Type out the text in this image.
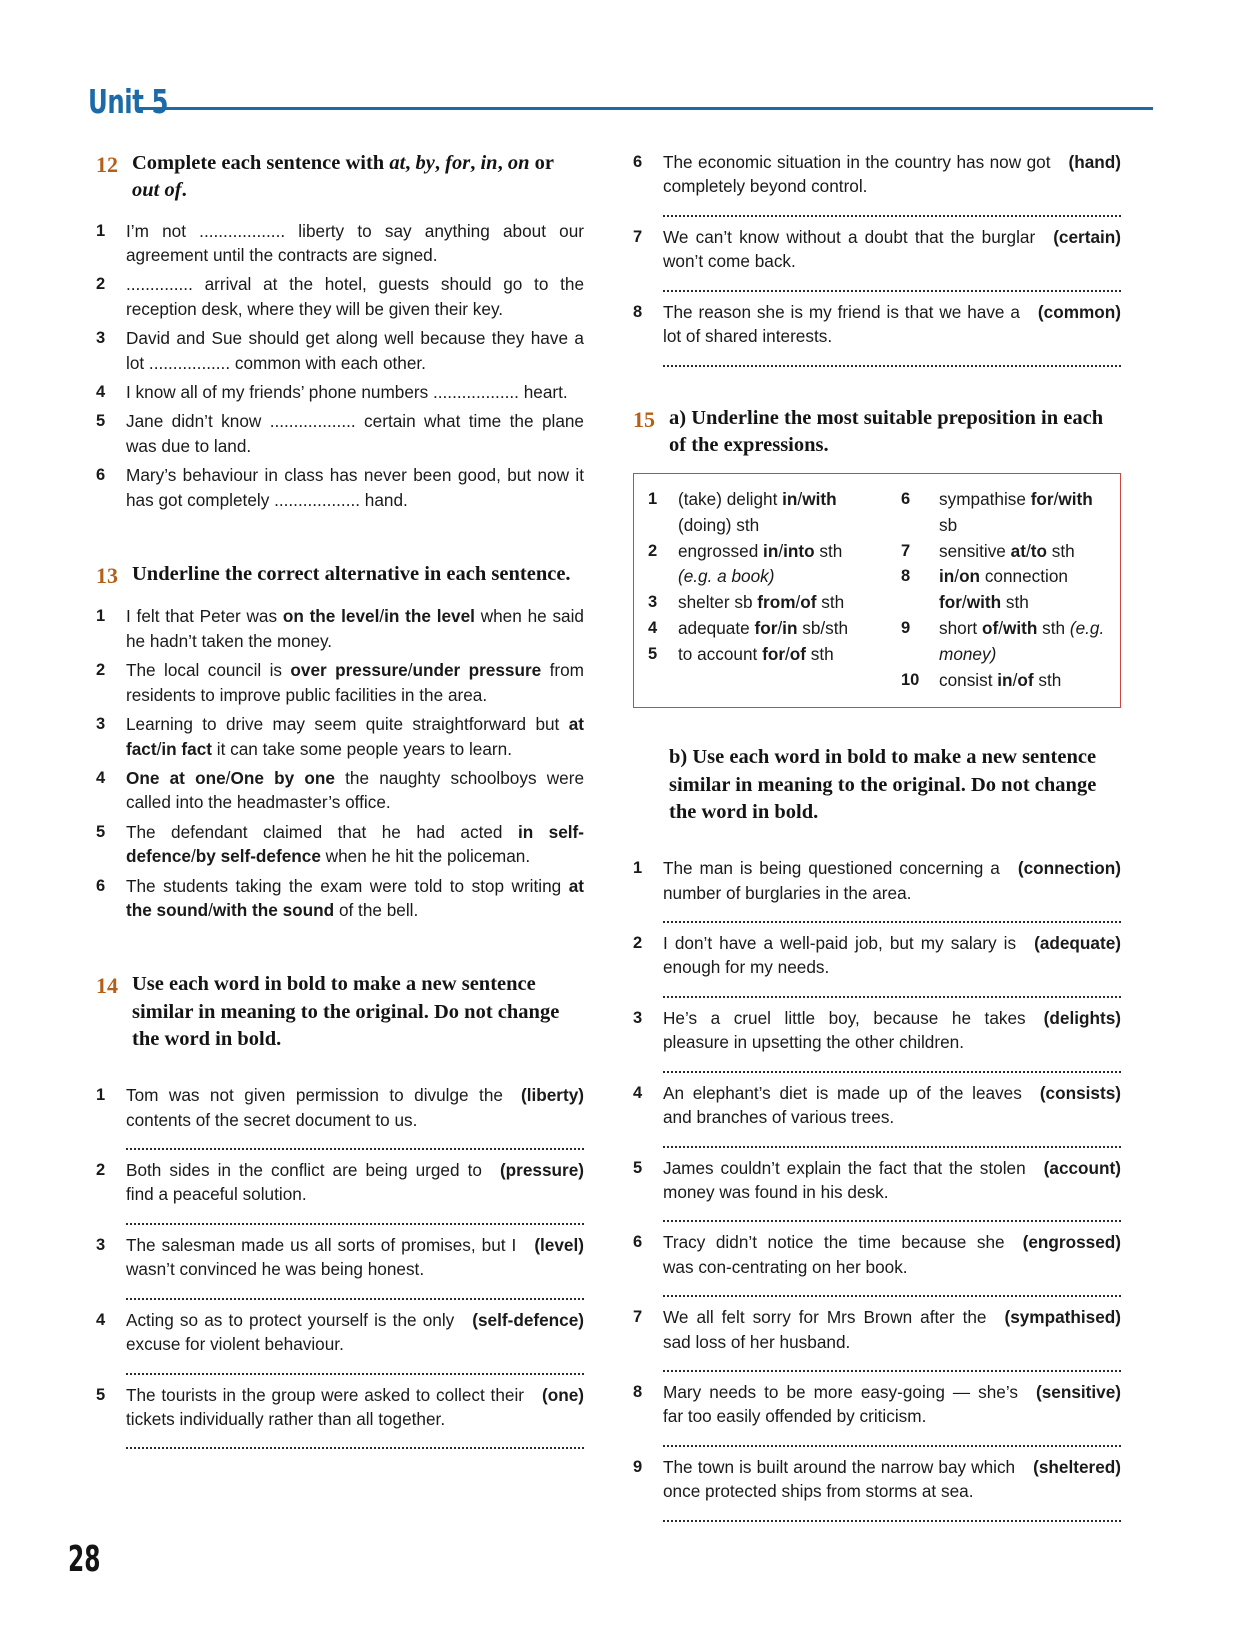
Unit 5
12 Complete each sentence with at, by, for, in, on or out of.
1	I’m not .................. liberty to say anything about our agreement until the contracts are signed.
2	.............. arrival at the hotel, guests should go to the reception desk, where they will be given their key.
3	David and Sue should get along well because they have a lot ................. common with each other.
4	I know all of my friends’ phone numbers .................. heart.
5	Jane didn’t know .................. certain what time the plane was due to land.
6	Mary’s behaviour in class has never been good, but now it has got completely .................. hand.
13 Underline the correct alternative in each sentence.
1	I felt that Peter was on the level/in the level when he said he hadn’t taken the money.
2	The local council is over pressure/under pressure from residents to improve public facilities in the area.
3	Learning to drive may seem quite straightforward but at fact/in fact it can take some people years to learn.
4	One at one/One by one the naughty schoolboys were called into the headmaster’s office.
5	The defendant claimed that he had acted in self-defence/by self-defence when he hit the policeman.
6	The students taking the exam were told to stop writing at the sound/with the sound of the bell.
14 Use each word in bold to make a new sentence similar in meaning to the original. Do not change the word in bold.
1	(liberty)
Tom was not given permission to divulge the contents of the secret document to us.
2	(pressure)
Both sides in the conflict are being urged to find a peaceful solution.
3	(level)
The salesman made us all sorts of promises, but I wasn’t convinced he was being honest.
4	(self-defence)
Acting so as to protect yourself is the only excuse for violent behaviour.
5	(one)
The tourists in the group were asked to collect their tickets individually rather than all together.
6	(hand)
The economic situation in the country has now got completely beyond control.
7	(certain)
We can’t know without a doubt that the burglar won’t come back.
8	(common)
The reason she is my friend is that we have a lot of shared interests.
15 a) Underline the most suitable preposition in each of the expressions.
1	(take) delight in/with
(doing) sth
2	engrossed in/into sth
(e.g. a book)
3	shelter sb from/of sth
4	adequate for/in sb/sth
5	to account for/of sth
6	sympathise for/with sb
7	sensitive at/to sth
8	in/on connection
for/with sth
9	short of/with sth (e.g.
money)
10	consist in/of sth
b) Use each word in bold to make a new sentence similar in meaning to the original. Do not change the word in bold.
1	(connection)
The man is being questioned concerning a number of burglaries in the area.
2	(adequate)
I don’t have a well-paid job, but my salary is enough for my needs.
3	(delights)
He’s a cruel little boy, because he takes pleasure in upsetting the other children.
4	(consists)
An elephant’s diet is made up of the leaves and branches of various trees.
5	(account)
James couldn’t explain the fact that the stolen money was found in his desk.
6	(engrossed)
Tracy didn’t notice the time because she was con-centrating on her book.
7	(sympathised)
We all felt sorry for Mrs Brown after the sad loss of her husband.
8	(sensitive)
Mary needs to be more easy-going — she’s far too easily offended by criticism.
9	(sheltered)
The town is built around the narrow bay which once protected ships from storms at sea.
28
